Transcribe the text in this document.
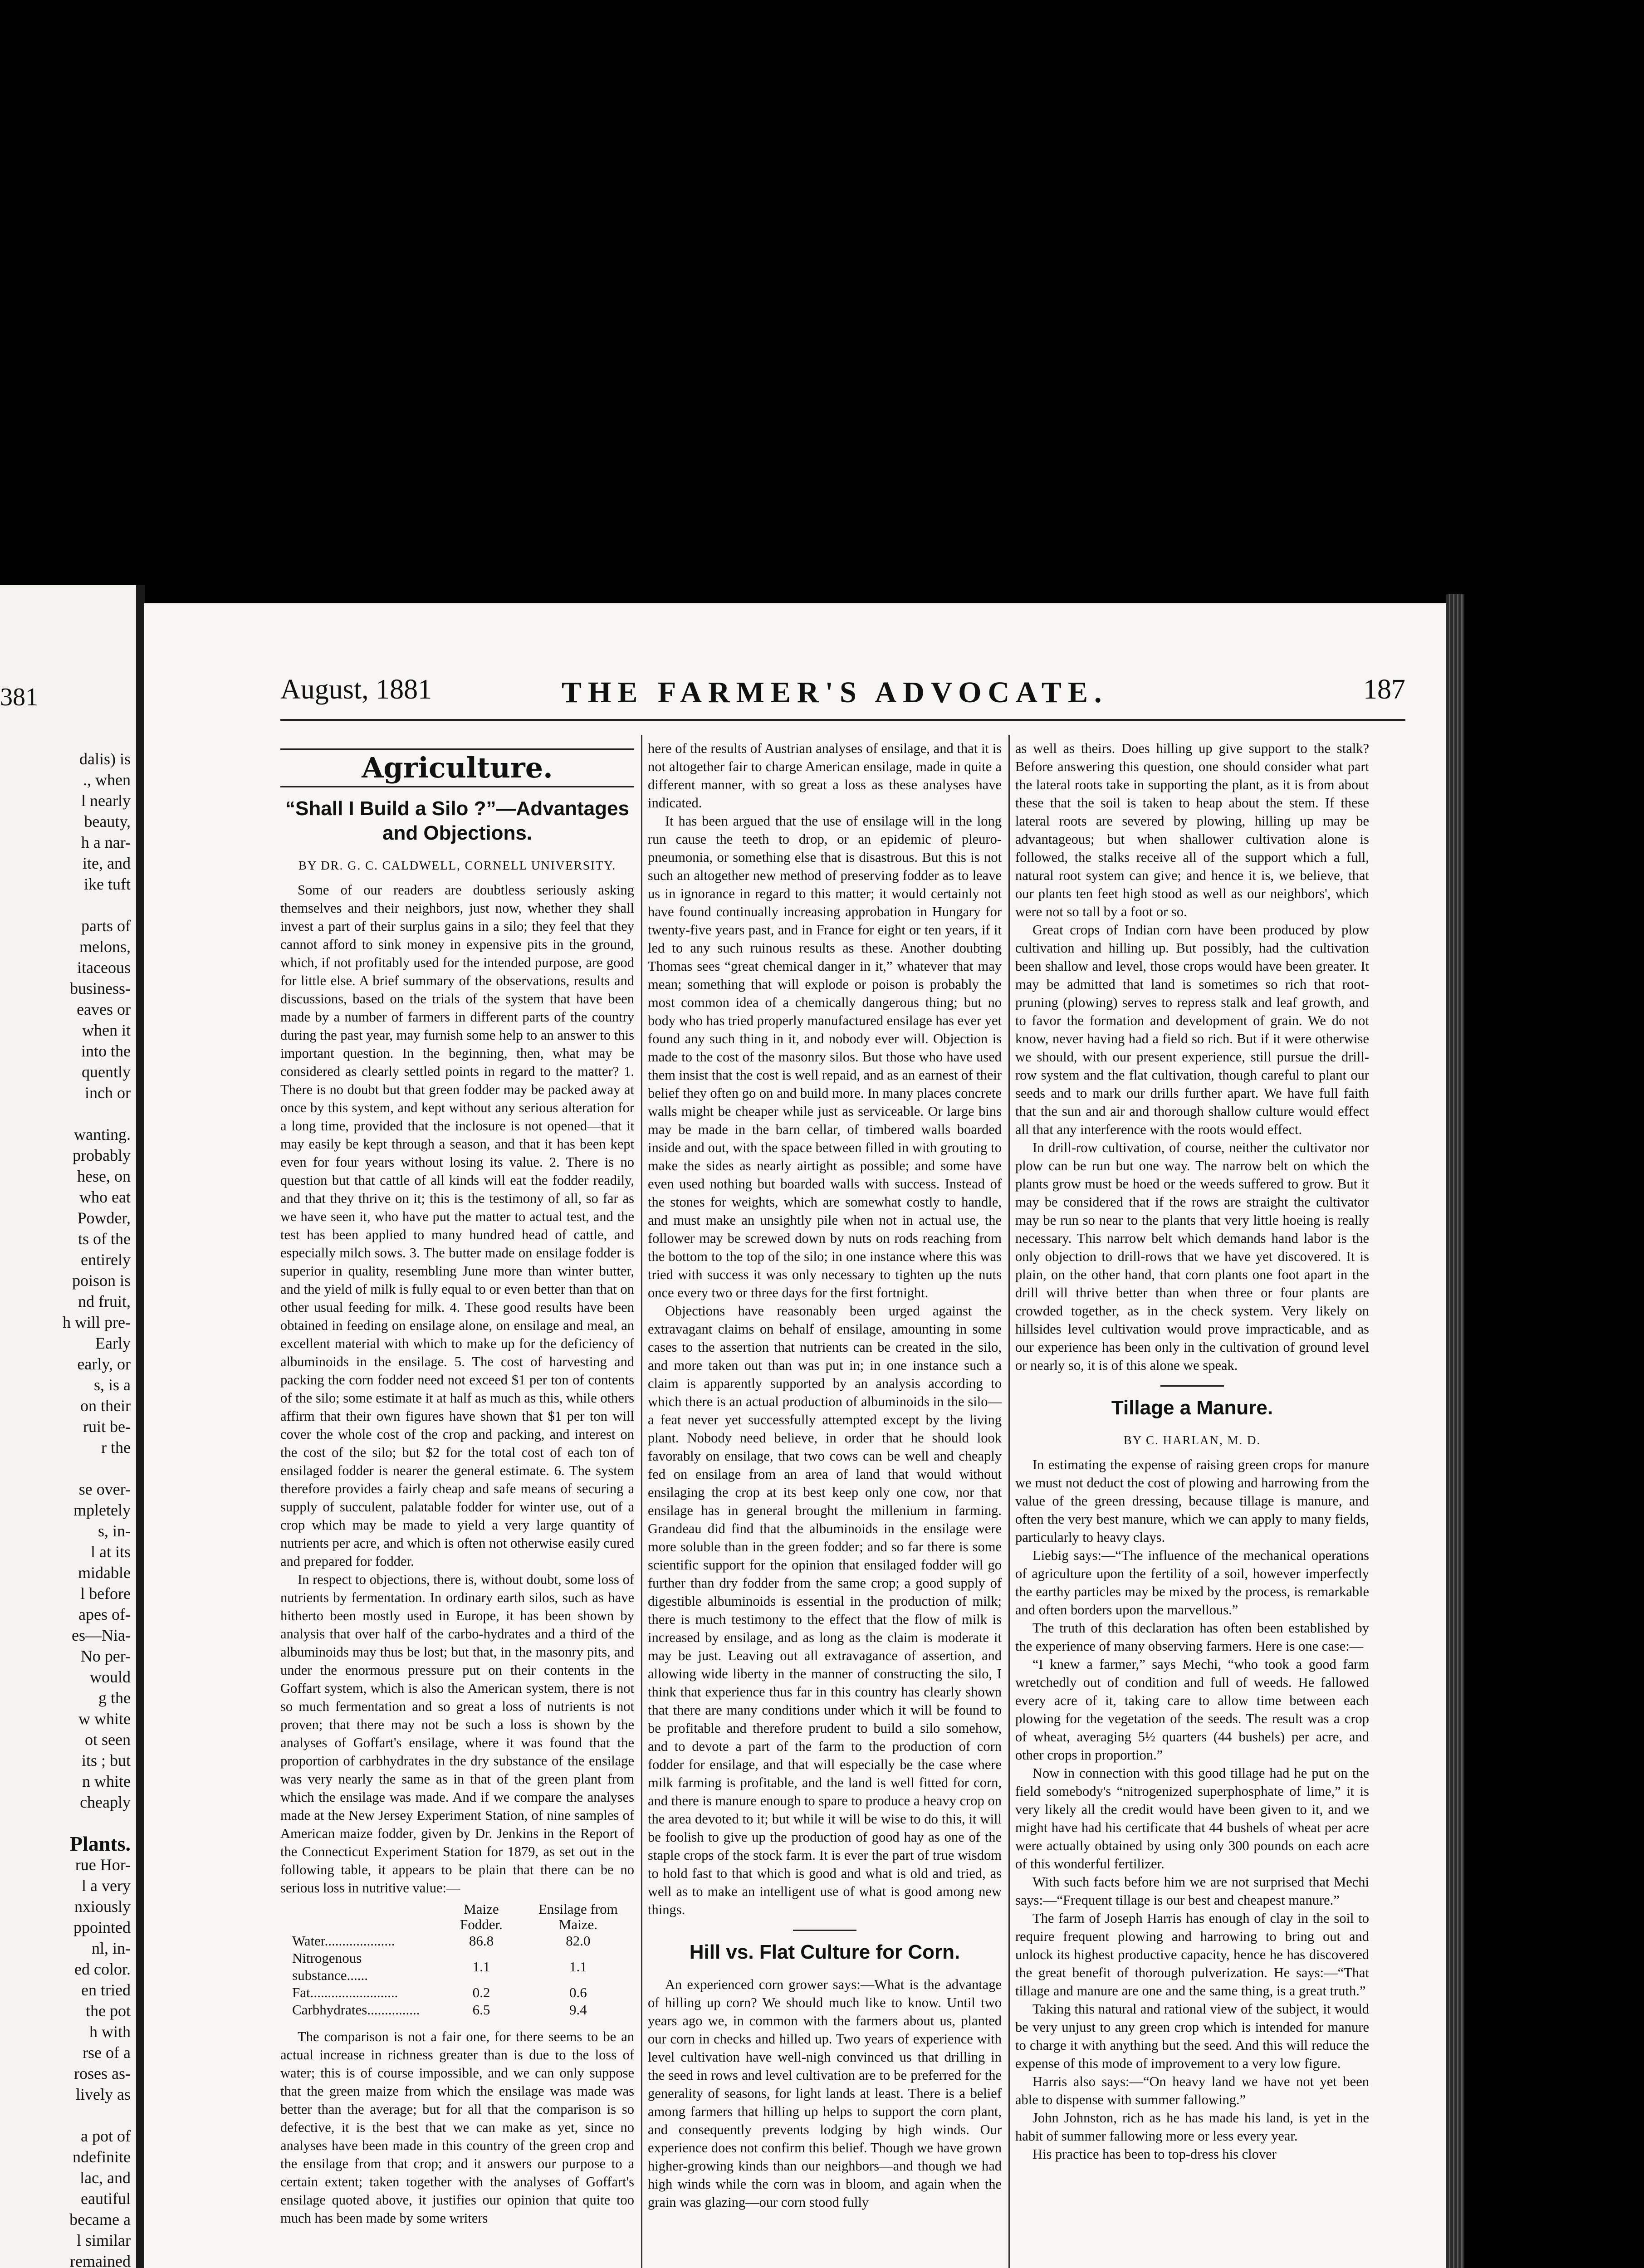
381
dalis) is
., when
l nearly
beauty,
h a nar-
ite, and
ike tuft
parts of
melons,
itaceous
business-
eaves or
when it
into the
quently
inch or
wanting.
probably
hese, on
who eat
Powder,
ts of the
entirely
poison is
nd fruit,
h will pre-
Early
early, or
s, is a
on their
ruit be-
r the
se over-
mpletely
s, in-
l at its
midable
l before
apes of-
es—Nia-
No per-
would
g the
w white
ot seen
its ; but
n white
cheaply
Plants.
rue Hor-
l a very
nxiously
ppointed
nl, in-
ed color.
en tried
the pot
h with
rse of a
roses as-
lively as
a pot of
ndefinite
lac, and
eautiful
became a
l similar
remained
August, 1881	THE FARMER'S ADVOCATE.	187
Agriculture.
“Shall I Build a Silo ?”—Advantages and Objections.
BY DR. G. C. CALDWELL, CORNELL UNIVERSITY.

Some of our readers are doubtless seriously asking themselves and their neighbors, just now, whether they shall invest a part of their surplus gains in a silo; they feel that they cannot afford to sink money in expensive pits in the ground, which, if not profitably used for the intended purpose, are good for little else. A brief summary of the observations, results and discussions, based on the trials of the system that have been made by a number of farmers in different parts of the country during the past year, may furnish some help to an answer to this important question. In the beginning, then, what may be considered as clearly settled points in regard to the matter? 1. There is no doubt but that green fodder may be packed away at once by this system, and kept without any serious alteration for a long time, provided that the inclosure is not opened—that it may easily be kept through a season, and that it has been kept even for four years without losing its value. 2. There is no question but that cattle of all kinds will eat the fodder readily, and that they thrive on it; this is the testimony of all, so far as we have seen it, who have put the matter to actual test, and the test has been applied to many hundred head of cattle, and especially milch sows. 3. The butter made on ensilage fodder is superior in quality, resembling June more than winter butter, and the yield of milk is fully equal to or even better than that on other usual feeding for milk. 4. These good results have been obtained in feeding on ensilage alone, on ensilage and meal, an excellent material with which to make up for the deficiency of albuminoids in the ensilage. 5. The cost of harvesting and packing the corn fodder need not exceed $1 per ton of contents of the silo; some estimate it at half as much as this, while others affirm that their own figures have shown that $1 per ton will cover the whole cost of the crop and packing, and interest on the cost of the silo; but $2 for the total cost of each ton of ensilaged fodder is nearer the general estimate. 6. The system therefore provides a fairly cheap and safe means of securing a supply of succulent, palatable fodder for winter use, out of a crop which may be made to yield a very large quantity of nutrients per acre, and which is often not otherwise easily cured and prepared for fodder.

In respect to objections, there is, without doubt, some loss of nutrients by fermentation. In ordinary earth silos, such as have hitherto been mostly used in Europe, it has been shown by analysis that over half of the carbo-hydrates and a third of the albuminoids may thus be lost; but that, in the masonry pits, and under the enormous pressure put on their contents in the Goffart system, which is also the American system, there is not so much fermentation and so great a loss of nutrients is not proven; that there may not be such a loss is shown by the analyses of Goffart's ensilage, where it was found that the proportion of carbhydrates in the dry substance of the ensilage was very nearly the same as in that of the green plant from which the ensilage was made. And if we compare the analyses made at the New Jersey Experiment Station, of nine samples of American maize fodder, given by Dr. Jenkins in the Report of the Connecticut Experiment Station for 1879, as set out in the following table, it appears to be plain that there can be no serious loss in nutritive value:—

	Maize Fodder.	Ensilage from Maize.
Water....................	86.8	82.0
Nitrogenous substance......	1.1	1.1
Fat.........................	0.2	0.6
Carbhydrates...............	6.5	9.4

The comparison is not a fair one, for there seems to be an actual increase in richness greater than is due to the loss of water; this is of course impossible, and we can only suppose that the green maize from which the ensilage was made was better than the average; but for all that the comparison is so defective, it is the best that we can make as yet, since no analyses have been made in this country of the green crop and the ensilage from that crop; and it answers our purpose to a certain extent; taken together with the analyses of Goffart's ensilage quoted above, it justifies our opinion that quite too much has been made by some writers

here of the results of Austrian analyses of ensilage, and that it is not altogether fair to charge American ensilage, made in quite a different manner, with so great a loss as these analyses have indicated.

It has been argued that the use of ensilage will in the long run cause the teeth to drop, or an epidemic of pleuro-pneumonia, or something else that is disastrous. But this is not such an altogether new method of preserving fodder as to leave us in ignorance in regard to this matter; it would certainly not have found continually increasing approbation in Hungary for twenty-five years past, and in France for eight or ten years, if it led to any such ruinous results as these. Another doubting Thomas sees “great chemical danger in it,” whatever that may mean; something that will explode or poison is probably the most common idea of a chemically dangerous thing; but no body who has tried properly manufactured ensilage has ever yet found any such thing in it, and nobody ever will. Objection is made to the cost of the masonry silos. But those who have used them insist that the cost is well repaid, and as an earnest of their belief they often go on and build more. In many places concrete walls might be cheaper while just as serviceable. Or large bins may be made in the barn cellar, of timbered walls boarded inside and out, with the space between filled in with grouting to make the sides as nearly airtight as possible; and some have even used nothing but boarded walls with success. Instead of the stones for weights, which are somewhat costly to handle, and must make an unsightly pile when not in actual use, the follower may be screwed down by nuts on rods reaching from the bottom to the top of the silo; in one instance where this was tried with success it was only necessary to tighten up the nuts once every two or three days for the first fortnight.

Objections have reasonably been urged against the extravagant claims on behalf of ensilage, amounting in some cases to the assertion that nutrients can be created in the silo, and more taken out than was put in; in one instance such a claim is apparently supported by an analysis according to which there is an actual production of albuminoids in the silo—a feat never yet successfully attempted except by the living plant. Nobody need believe, in order that he should look favorably on ensilage, that two cows can be well and cheaply fed on ensilage from an area of land that would without ensilaging the crop at its best keep only one cow, nor that ensilage has in general brought the millenium in farming. Grandeau did find that the albuminoids in the ensilage were more soluble than in the green fodder; and so far there is some scientific support for the opinion that ensilaged fodder will go further than dry fodder from the same crop; a good supply of digestible albuminoids is essential in the production of milk; there is much testimony to the effect that the flow of milk is increased by ensilage, and as long as the claim is moderate it may be just. Leaving out all extravagance of assertion, and allowing wide liberty in the manner of constructing the silo, I think that experience thus far in this country has clearly shown that there are many conditions under which it will be found to be profitable and therefore prudent to build a silo somehow, and to devote a part of the farm to the production of corn fodder for ensilage, and that will especially be the case where milk farming is profitable, and the land is well fitted for corn, and there is manure enough to spare to produce a heavy crop on the area devoted to it; but while it will be wise to do this, it will be foolish to give up the production of good hay as one of the staple crops of the stock farm. It is ever the part of true wisdom to hold fast to that which is good and what is old and tried, as well as to make an intelligent use of what is good among new things.

Hill vs. Flat Culture for Corn.

An experienced corn grower says:—What is the advantage of hilling up corn? We should much like to know. Until two years ago we, in common with the farmers about us, planted our corn in checks and hilled up. Two years of experience with level cultivation have well-nigh convinced us that drilling in the seed in rows and level cultivation are to be preferred for the generality of seasons, for light lands at least. There is a belief among farmers that hilling up helps to support the corn plant, and consequently prevents lodging by high winds. Our experience does not confirm this belief. Though we have grown higher-growing kinds than our neighbors—and though we had high winds while the corn was in bloom, and again when the grain was glazing—our corn stood fully

as well as theirs. Does hilling up give support to the stalk? Before answering this question, one should consider what part the lateral roots take in supporting the plant, as it is from about these that the soil is taken to heap about the stem. If these lateral roots are severed by plowing, hilling up may be advantageous; but when shallower cultivation alone is followed, the stalks receive all of the support which a full, natural root system can give; and hence it is, we believe, that our plants ten feet high stood as well as our neighbors', which were not so tall by a foot or so.

Great crops of Indian corn have been produced by plow cultivation and hilling up. But possibly, had the cultivation been shallow and level, those crops would have been greater. It may be admitted that land is sometimes so rich that root-pruning (plowing) serves to repress stalk and leaf growth, and to favor the formation and development of grain. We do not know, never having had a field so rich. But if it were otherwise we should, with our present experience, still pursue the drill-row system and the flat cultivation, though careful to plant our seeds and to mark our drills further apart. We have full faith that the sun and air and thorough shallow culture would effect all that any interference with the roots would effect.

In drill-row cultivation, of course, neither the cultivator nor plow can be run but one way. The narrow belt on which the plants grow must be hoed or the weeds suffered to grow. But it may be considered that if the rows are straight the cultivator may be run so near to the plants that very little hoeing is really necessary. This narrow belt which demands hand labor is the only objection to drill-rows that we have yet discovered. It is plain, on the other hand, that corn plants one foot apart in the drill will thrive better than when three or four plants are crowded together, as in the check system. Very likely on hillsides level cultivation would prove impracticable, and as our experience has been only in the cultivation of ground level or nearly so, it is of this alone we speak.

Tillage a Manure.
BY C. HARLAN, M. D.

In estimating the expense of raising green crops for manure we must not deduct the cost of plowing and harrowing from the value of the green dressing, because tillage is manure, and often the very best manure, which we can apply to many fields, particularly to heavy clays.

Liebig says:—“The influence of the mechanical operations of agriculture upon the fertility of a soil, however imperfectly the earthy particles may be mixed by the process, is remarkable and often borders upon the marvellous.”

The truth of this declaration has often been established by the experience of many observing farmers. Here is one case:—

“I knew a farmer,” says Mechi, “who took a good farm wretchedly out of condition and full of weeds. He fallowed every acre of it, taking care to allow time between each plowing for the vegetation of the seeds. The result was a crop of wheat, averaging 5½ quarters (44 bushels) per acre, and other crops in proportion.”

Now in connection with this good tillage had he put on the field somebody's “nitrogenized superphosphate of lime,” it is very likely all the credit would have been given to it, and we might have had his certificate that 44 bushels of wheat per acre were actually obtained by using only 300 pounds on each acre of this wonderful fertilizer.

With such facts before him we are not surprised that Mechi says:—“Frequent tillage is our best and cheapest manure.”

The farm of Joseph Harris has enough of clay in the soil to require frequent plowing and harrowing to bring out and unlock its highest productive capacity, hence he has discovered the great benefit of thorough pulverization. He says:—“That tillage and manure are one and the same thing, is a great truth.”

Taking this natural and rational view of the subject, it would be very unjust to any green crop which is intended for manure to charge it with anything but the seed. And this will reduce the expense of this mode of improvement to a very low figure.

Harris also says:—“On heavy land we have not yet been able to dispense with summer fallowing.”

John Johnston, rich as he has made his land, is yet in the habit of summer fallowing more or less every year.

His practice has been to top-dress his clover
